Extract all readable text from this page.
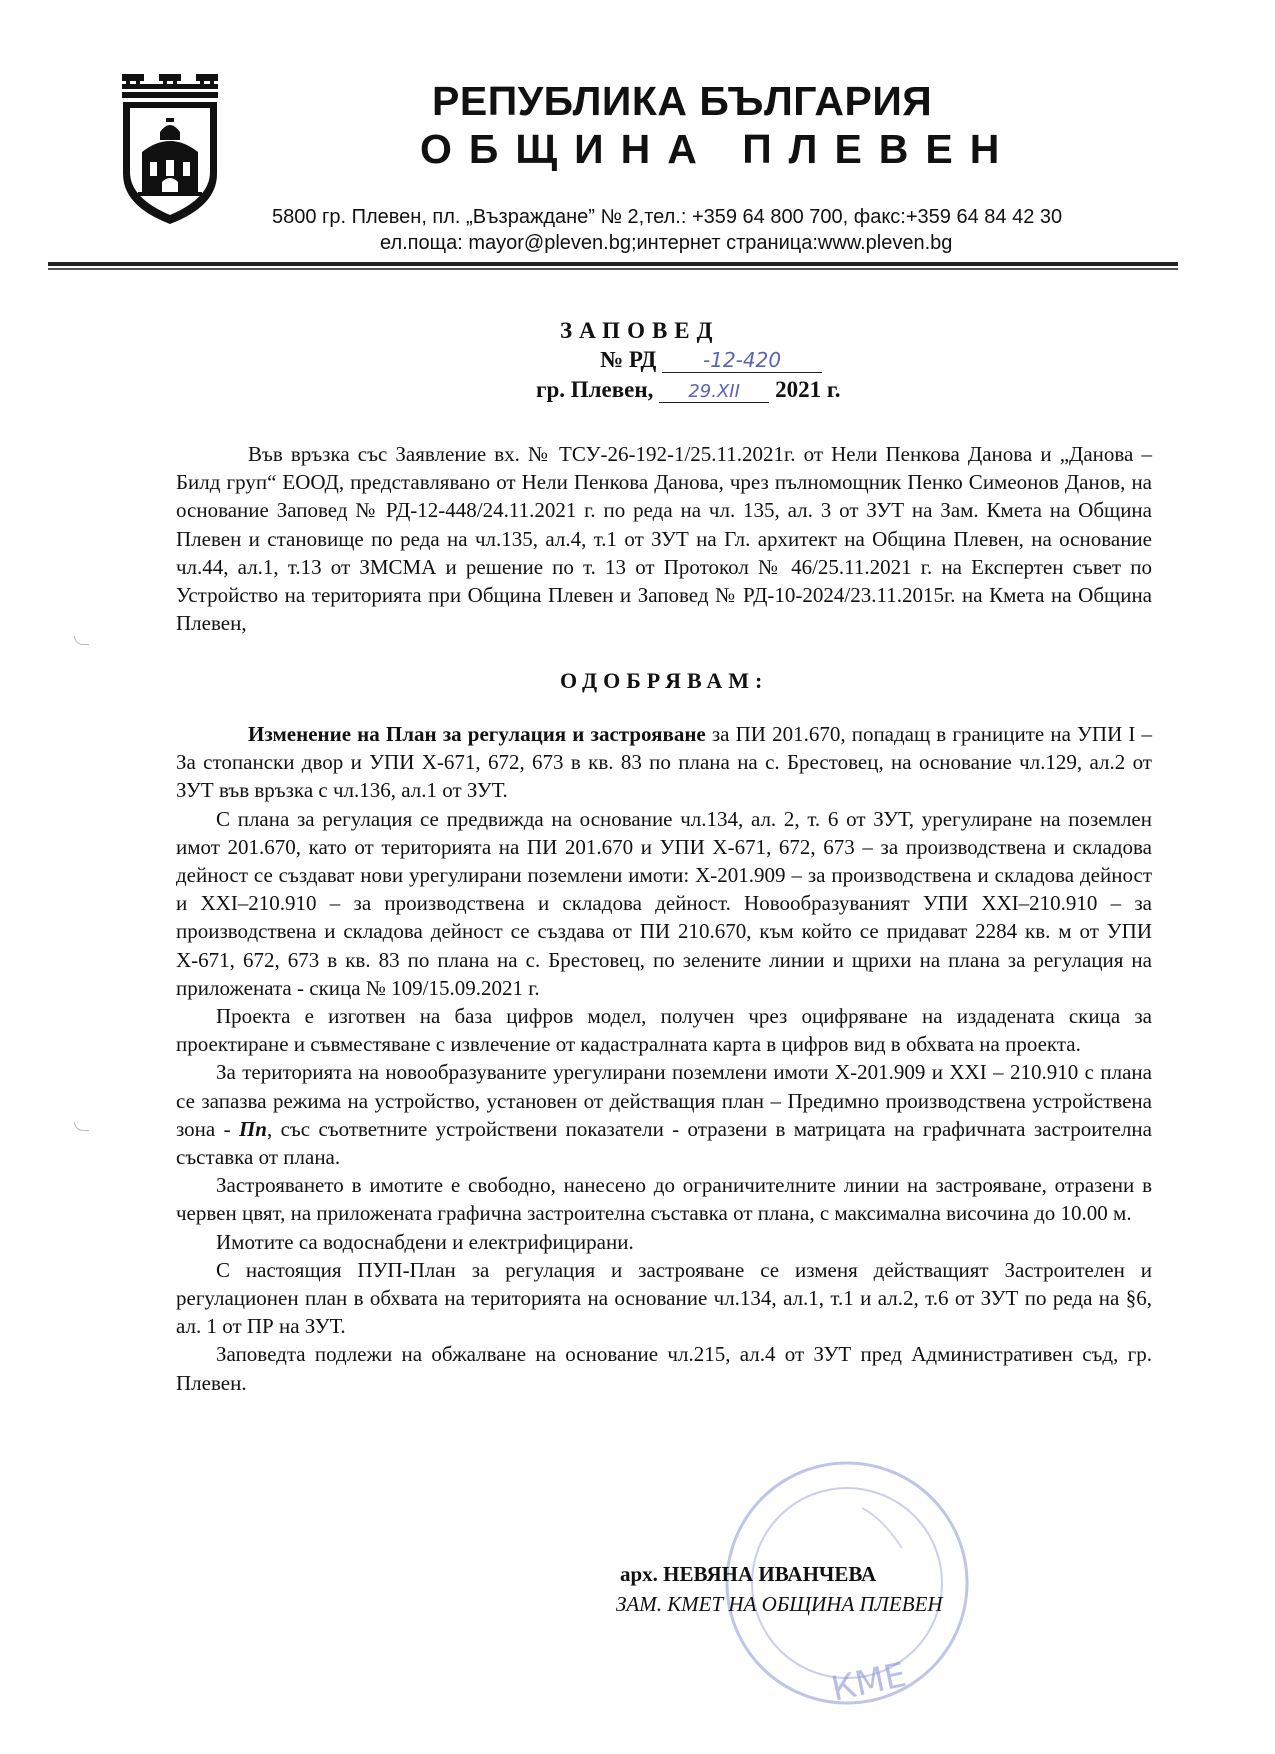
РЕПУБЛИКА БЪЛГАРИЯ
ОБЩИНА ПЛЕВЕН
5800 гр. Плевен, пл. „Възраждане” № 2,тел.: +359 64 800 700, факс:+359 64 84 42 30
ел.поща: mayor@pleven.bg;интернет страница:www.pleven.bg
ЗАПОВЕД
№ РД -12-420
гр. Плевен, 29.XII 2021 г.

Във връзка със Заявление вх. № ТСУ-26-192-1/25.11.2021г. от Нели Пенкова Данова и „Данова – Билд груп“ ЕООД, представлявано от Нели Пенкова Данова, чрез пълномощник Пенко Симеонов Данов, на основание Заповед № РД-12-448/24.11.2021 г. по реда на чл. 135, ал. 3 от ЗУТ на Зам. Кмета на Община Плевен и становище по реда на чл.135, ал.4, т.1 от ЗУТ на Гл. архитект на Община Плевен, на основание чл.44, ал.1, т.13 от ЗМСМА и решение по т. 13 от Протокол № 46/25.11.2021 г. на Експертен съвет по Устройство на територията при Община Плевен и Заповед № РД-10-2024/23.11.2015г. на Кмета на Община Плевен,

ОДОБРЯВАМ:

Изменение на План за регулация и застрояване за ПИ 201.670, попадащ в границите на УПИ I – За стопански двор и УПИ Х-671, 672, 673 в кв. 83 по плана на с. Брестовец, на основание чл.129, ал.2 от ЗУТ във връзка с чл.136, ал.1 от ЗУТ.

С плана за регулация се предвижда на основание чл.134, ал. 2, т. 6 от ЗУТ, урегулиране на поземлен имот 201.670, като от територията на ПИ 201.670 и УПИ Х-671, 672, 673 – за производствена и складова дейност се създават нови урегулирани поземлени имоти: Х-201.909 – за производствена и складова дейност и ХХI–210.910 – за производствена и складова дейност. Новообразуваният УПИ ХХI–210.910 – за производствена и складова дейност се създава от ПИ 210.670, към който се придават 2284 кв. м от УПИ Х-671, 672, 673 в кв. 83 по плана на с. Брестовец, по зелените линии и щрихи на плана за регулация на приложената - скица № 109/15.09.2021 г.

Проекта е изготвен на база цифров модел, получен чрез оцифряване на издадената скица за проектиране и съвместяване с извлечение от кадастралната карта в цифров вид в обхвата на проекта.

За територията на новообразуваните урегулирани поземлени имоти Х-201.909 и ХХI – 210.910 с плана се запазва режима на устройство, установен от действащия план – Предимно производствена устройствена зона - Пп, със съответните устройствени показатели - отразени в матрицата на графичната застроителна съставка от плана.

Застрояването в имотите е свободно, нанесено до ограничителните линии на застрояване, отразени в червен цвят, на приложената графична застроителна съставка от плана, с максимална височина до 10.00 м.

Имотите са водоснабдени и електрифицирани.

С настоящия ПУП-План за регулация и застрояване се изменя действащият Застроителен и регулационен план в обхвата на територията на основание чл.134, ал.1, т.1 и ал.2, т.6 от ЗУТ по реда на §6, ал. 1 от ПР на ЗУТ.

Заповедта подлежи на обжалване на основание чл.215, ал.4 от ЗУТ пред Административен съд, гр. Плевен.

КМЕ
арх. НЕВЯНА ИВАНЧЕВА
ЗАМ. КМЕТ НА ОБЩИНА ПЛЕВЕН
